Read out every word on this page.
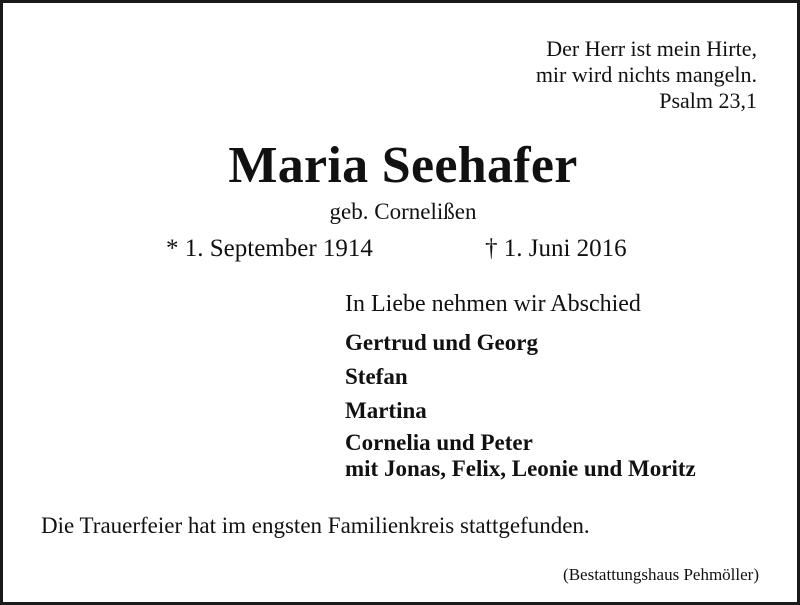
Der Herr ist mein Hirte,
mir wird nichts mangeln.
Psalm 23,1
Maria Seehafer
geb. Cornelißen
* 1. September 1914	† 1. Juni 2016
In Liebe nehmen wir Abschied
Gertrud und Georg
Stefan
Martina
Cornelia und Peter
mit Jonas, Felix, Leonie und Moritz
Die Trauerfeier hat im engsten Familienkreis stattgefunden.
(Bestattungshaus Pehmöller)
